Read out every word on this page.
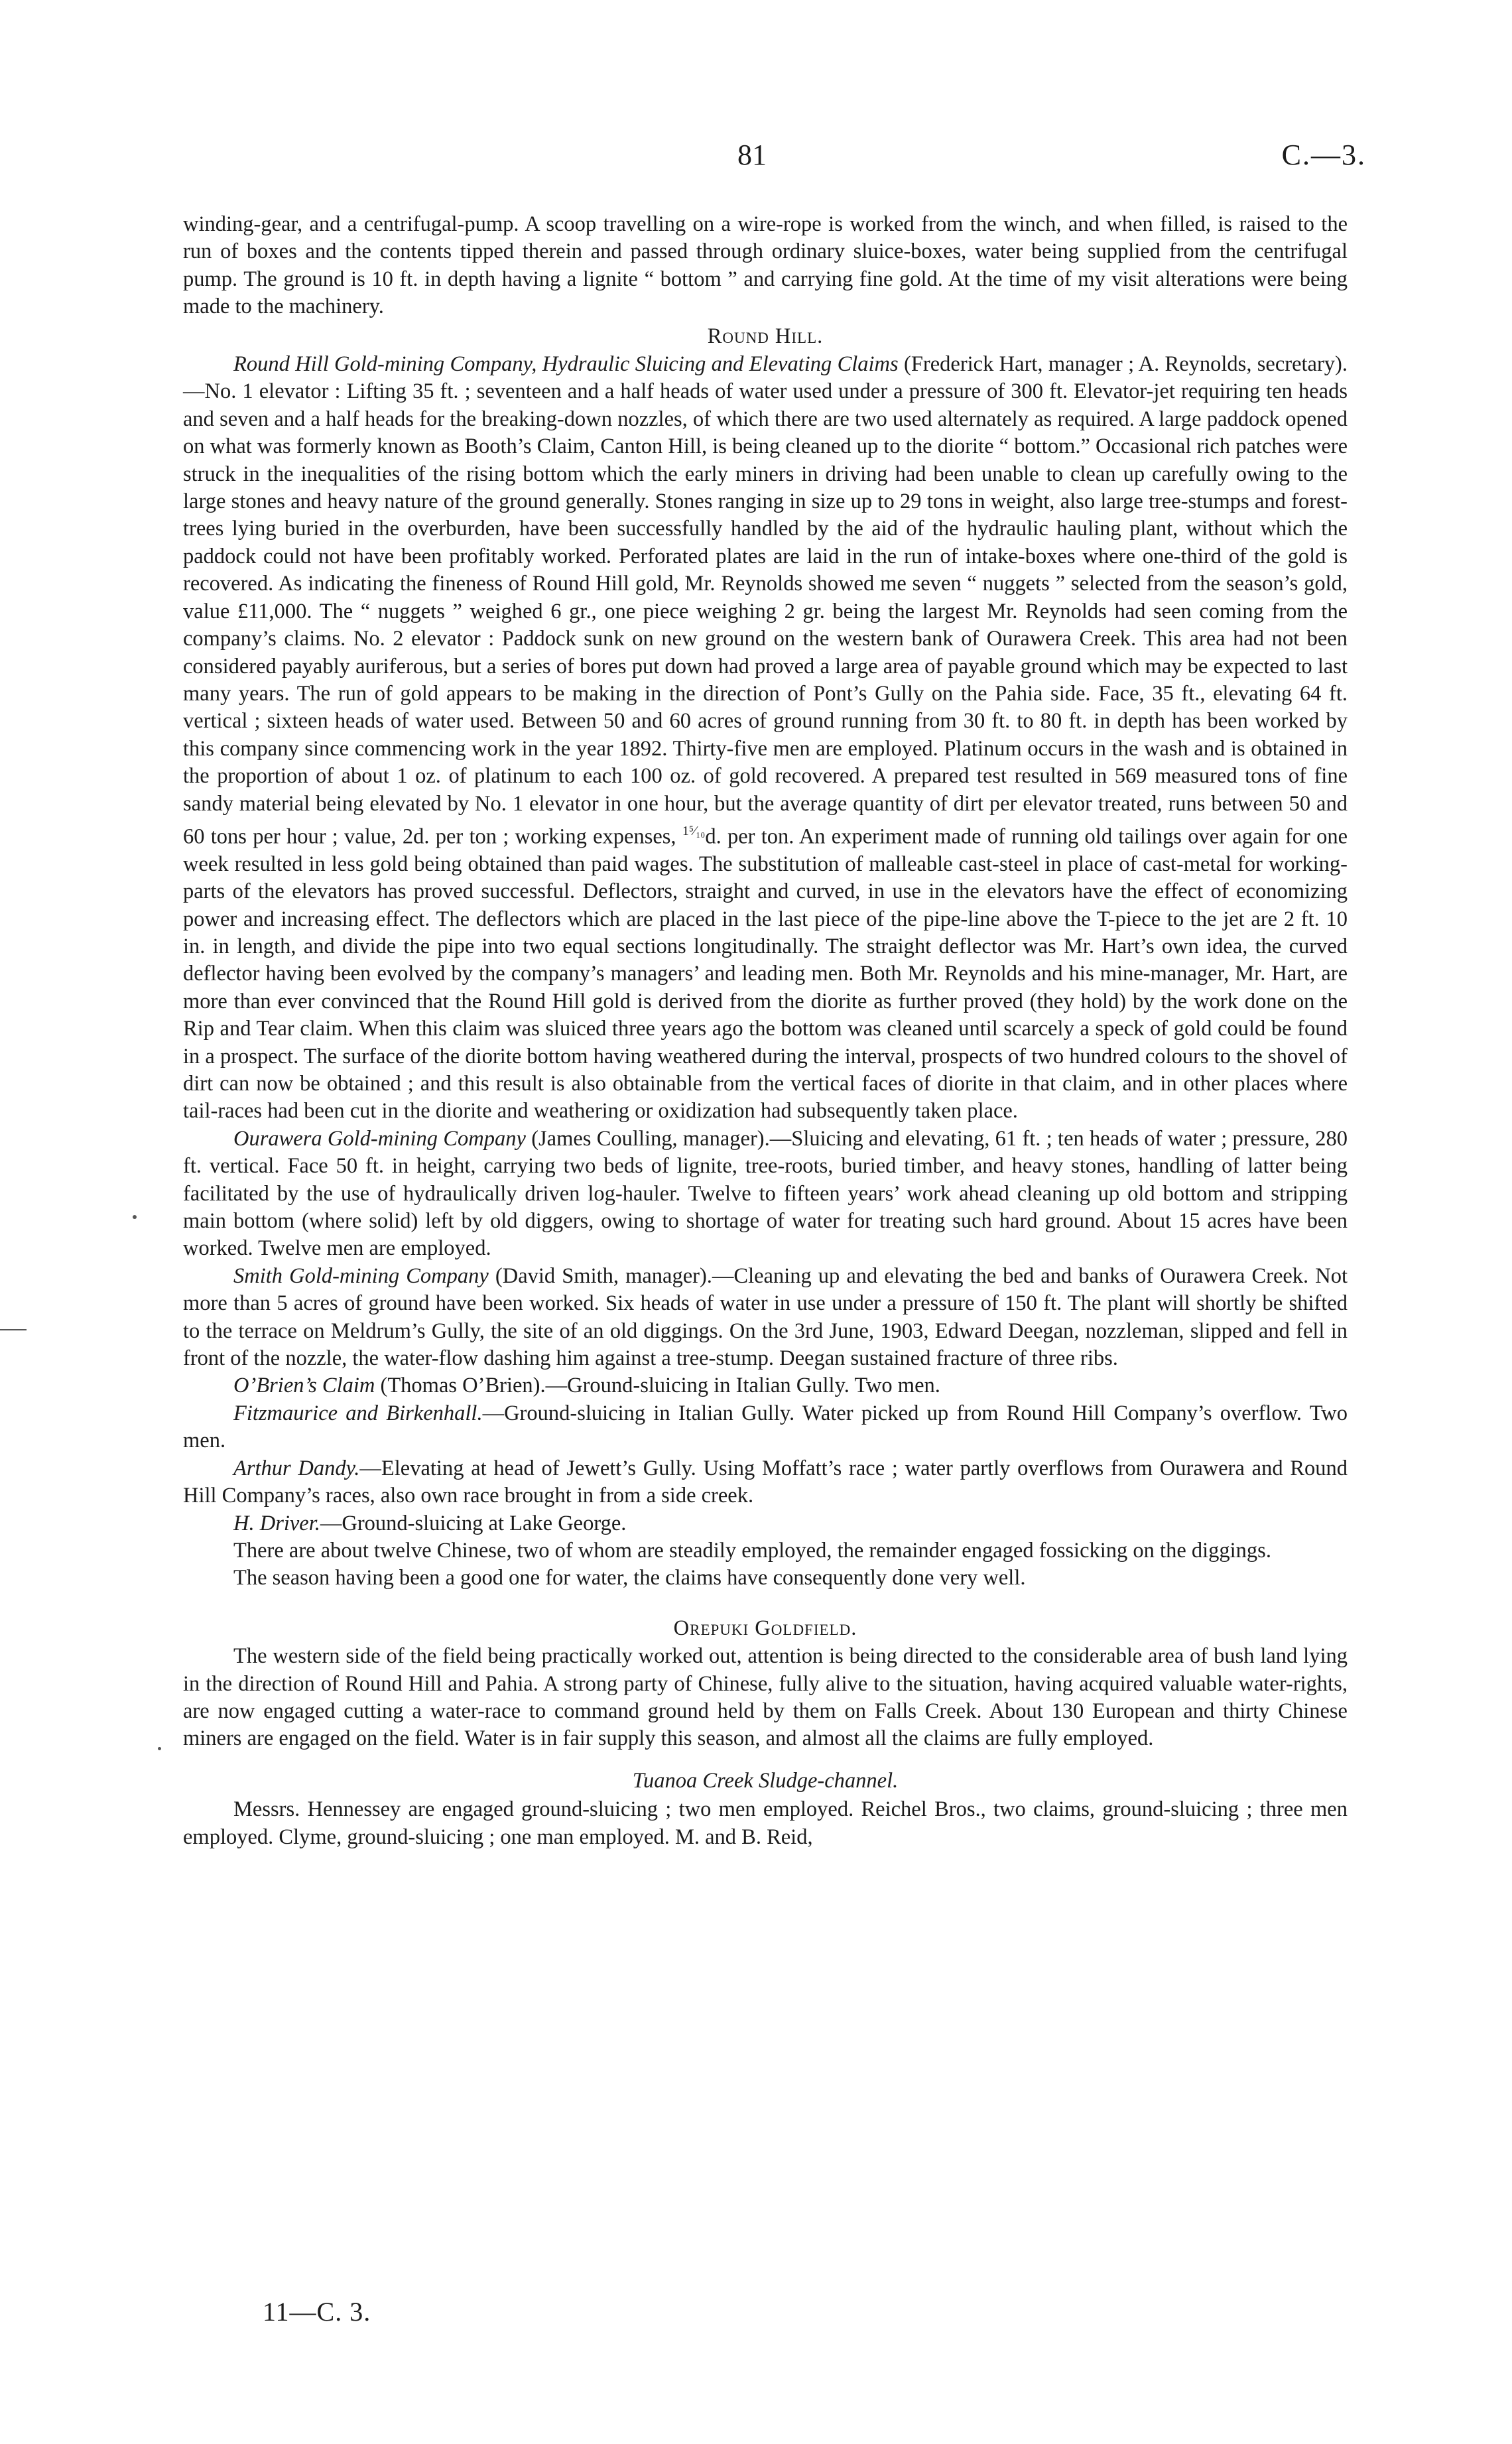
81	C.—3.

winding-gear, and a centrifugal-pump. A scoop travelling on a wire-rope is worked from the winch, and when filled, is raised to the run of boxes and the contents tipped therein and passed through ordinary sluice-boxes, water being supplied from the centrifugal pump. The ground is 10 ft. in depth having a lignite “ bottom ” and carrying fine gold. At the time of my visit alterations were being made to the machinery.

Round Hill.

Round Hill Gold-mining Company, Hydraulic Sluicing and Elevating Claims (Frederick Hart, manager ; A. Reynolds, secretary).—No. 1 elevator : Lifting 35 ft. ; seventeen and a half heads of water used under a pressure of 300 ft. Elevator-jet requiring ten heads and seven and a half heads for the breaking-down nozzles, of which there are two used alternately as required. A large paddock opened on what was formerly known as Booth’s Claim, Canton Hill, is being cleaned up to the diorite “ bottom.” Occasional rich patches were struck in the inequalities of the rising bottom which the early miners in driving had been unable to clean up carefully owing to the large stones and heavy nature of the ground generally. Stones ranging in size up to 29 tons in weight, also large tree-stumps and forest-trees lying buried in the overburden, have been successfully handled by the aid of the hydraulic hauling plant, without which the paddock could not have been profitably worked. Perforated plates are laid in the run of intake-boxes where one-third of the gold is recovered. As indicating the fineness of Round Hill gold, Mr. Reynolds showed me seven “ nuggets ” selected from the season’s gold, value £11,000. The “ nuggets ” weighed 6 gr., one piece weighing 2 gr. being the largest Mr. Reynolds had seen coming from the company’s claims. No. 2 elevator : Paddock sunk on new ground on the western bank of Ourawera Creek. This area had not been considered payably auriferous, but a series of bores put down had proved a large area of payable ground which may be expected to last many years. The run of gold appears to be making in the direction of Pont’s Gully on the Pahia side. Face, 35 ft., elevating 64 ft. vertical ; sixteen heads of water used. Between 50 and 60 acres of ground running from 30 ft. to 80 ft. in depth has been worked by this company since commencing work in the year 1892. Thirty-five men are employed. Platinum occurs in the wash and is obtained in the proportion of about 1 oz. of platinum to each 100 oz. of gold recovered. A prepared test resulted in 569 measured tons of fine sandy material being elevated by No. 1 elevator in one hour, but the average quantity of dirt per elevator treated, runs between 50 and 60 tons per hour ; value, 2d. per ton ; working expenses, $^{1^5⁄_{10}}$d. per ton. An experiment made of running old tailings over again for one week resulted in less gold being obtained than paid wages. The substitution of malleable cast-steel in place of cast-metal for working-parts of the elevators has proved successful. Deflectors, straight and curved, in use in the elevators have the effect of economizing power and increasing effect. The deflectors which are placed in the last piece of the pipe-line above the T-piece to the jet are 2 ft. 10 in. in length, and divide the pipe into two equal sections longitudinally. The straight deflector was Mr. Hart’s own idea, the curved deflector having been evolved by the company’s managers’ and leading men. Both Mr. Reynolds and his mine-manager, Mr. Hart, are more than ever convinced that the Round Hill gold is derived from the diorite as further proved (they hold) by the work done on the Rip and Tear claim. When this claim was sluiced three years ago the bottom was cleaned until scarcely a speck of gold could be found in a prospect. The surface of the diorite bottom having weathered during the interval, prospects of two hundred colours to the shovel of dirt can now be obtained ; and this result is also obtainable from the vertical faces of diorite in that claim, and in other places where tail-races had been cut in the diorite and weathering or oxidization had subsequently taken place.

Ourawera Gold-mining Company (James Coulling, manager).—Sluicing and elevating, 61 ft. ; ten heads of water ; pressure, 280 ft. vertical. Face 50 ft. in height, carrying two beds of lignite, tree-roots, buried timber, and heavy stones, handling of latter being facilitated by the use of hydraulically driven log-hauler. Twelve to fifteen years’ work ahead cleaning up old bottom and stripping main bottom (where solid) left by old diggers, owing to shortage of water for treating such hard ground. About 15 acres have been worked. Twelve men are employed.

Smith Gold-mining Company (David Smith, manager).—Cleaning up and elevating the bed and banks of Ourawera Creek. Not more than 5 acres of ground have been worked. Six heads of water in use under a pressure of 150 ft. The plant will shortly be shifted to the terrace on Meldrum’s Gully, the site of an old diggings. On the 3rd June, 1903, Edward Deegan, nozzleman, slipped and fell in front of the nozzle, the water-flow dashing him against a tree-stump. Deegan sustained fracture of three ribs.

O’Brien’s Claim (Thomas O’Brien).—Ground-sluicing in Italian Gully. Two men.

Fitzmaurice and Birkenhall.—Ground-sluicing in Italian Gully. Water picked up from Round Hill Company’s overflow. Two men.

Arthur Dandy.—Elevating at head of Jewett’s Gully. Using Moffatt’s race ; water partly overflows from Ourawera and Round Hill Company’s races, also own race brought in from a side creek.

H. Driver.—Ground-sluicing at Lake George.

There are about twelve Chinese, two of whom are steadily employed, the remainder engaged fossicking on the diggings.

The season having been a good one for water, the claims have consequently done very well.

Orepuki Goldfield.

The western side of the field being practically worked out, attention is being directed to the considerable area of bush land lying in the direction of Round Hill and Pahia. A strong party of Chinese, fully alive to the situation, having acquired valuable water-rights, are now engaged cutting a water-race to command ground held by them on Falls Creek. About 130 European and thirty Chinese miners are engaged on the field. Water is in fair supply this season, and almost all the claims are fully employed.

Tuanoa Creek Sludge-channel.

Messrs. Hennessey are engaged ground-sluicing ; two men employed. Reichel Bros., two claims, ground-sluicing ; three men employed. Clyme, ground-sluicing ; one man employed. M. and B. Reid,

11—C. 3.
